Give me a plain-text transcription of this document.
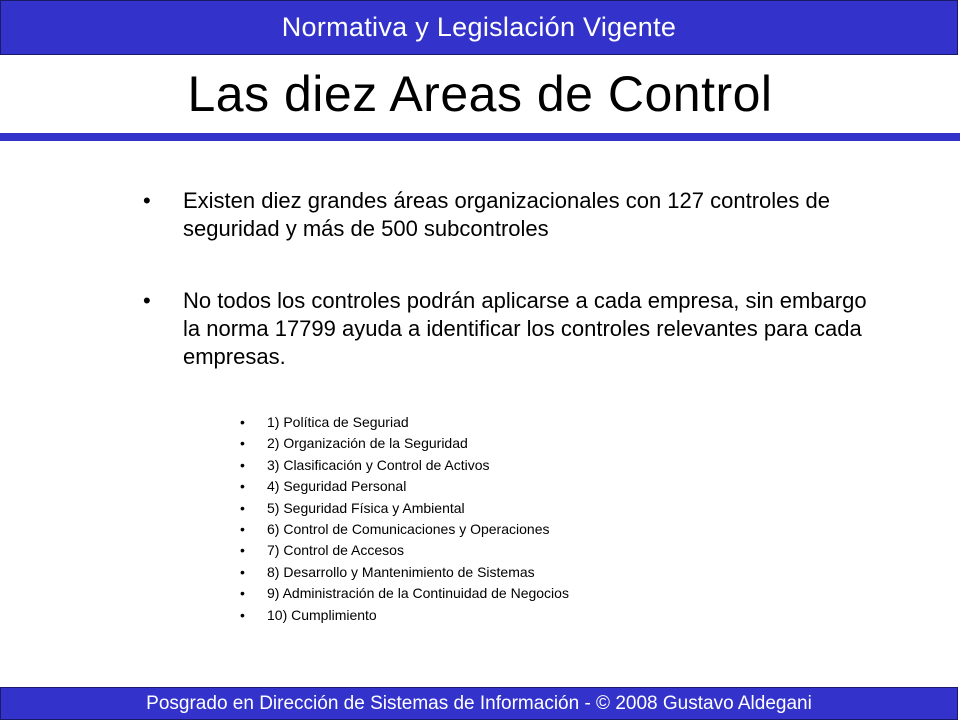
Normativa y Legislación Vigente
Las diez Areas de Control
• Existen diez grandes áreas organizacionales con 127 controles de seguridad y más de 500 subcontroles
• No todos los controles podrán aplicarse a cada empresa, sin embargo la norma 17799 ayuda a identificar los controles relevantes para cada empresas.
• 1) Política de Seguriad
• 2) Organización de la Seguridad
• 3) Clasificación y Control de Activos
• 4) Seguridad Personal
• 5) Seguridad Física y Ambiental
• 6) Control de Comunicaciones y Operaciones
• 7) Control de Accesos
• 8) Desarrollo y Mantenimiento de Sistemas
• 9) Administración de la Continuidad de Negocios
• 10) Cumplimiento
Posgrado en Dirección de Sistemas de Información - © 2008 Gustavo Aldegani
